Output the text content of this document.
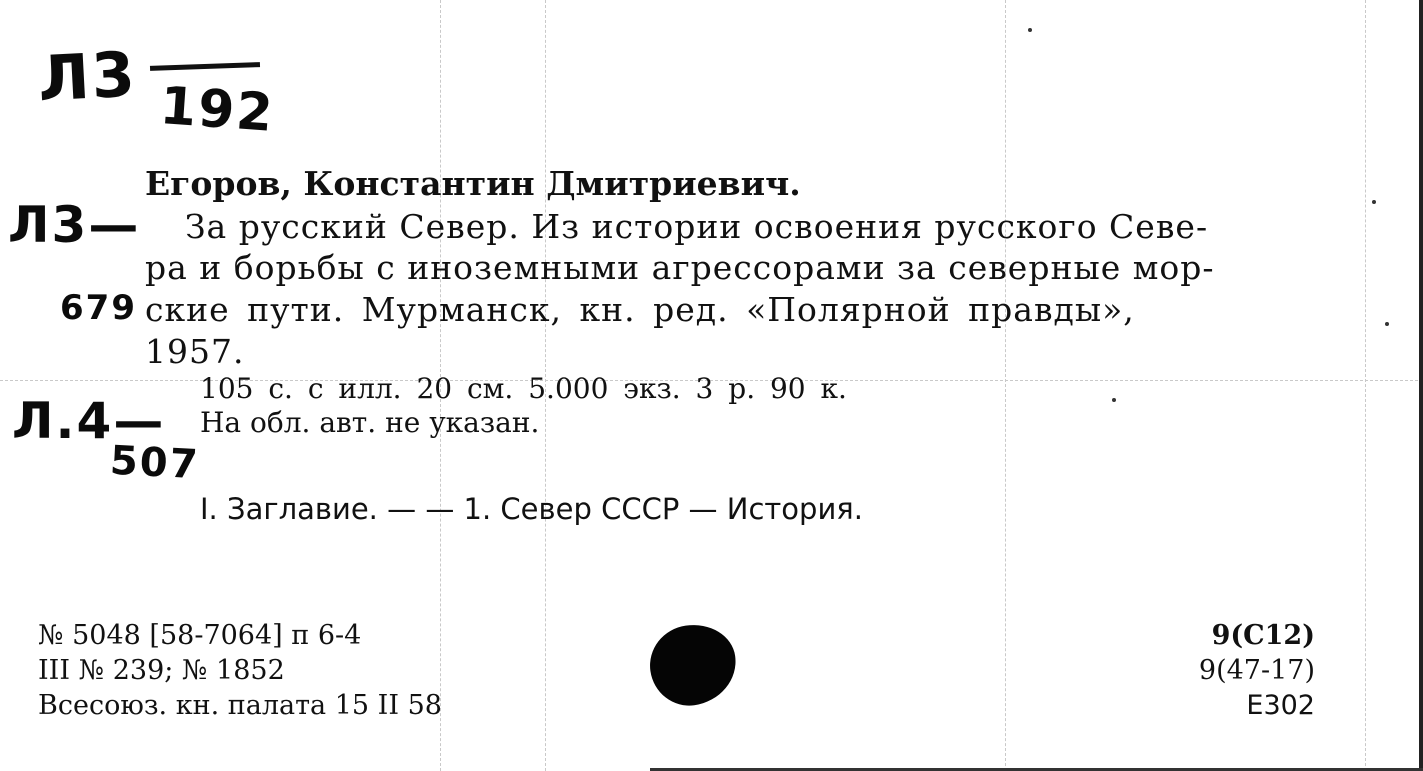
Л3 192
Л3—
679
Л.4—
507
Егоров, Константин Дмитриевич.
За русский Север. Из истории освоения русского Севе-
ра и борьбы с иноземными агрессорами за северные мор-
ские пути. Мурманск, кн. ред. «Полярной правды»,
1957.
105 с. с илл. 20 см. 5.000 экз. 3 р. 90 к.
На обл. авт. не указан.
I. Заглавие. — — 1. Север СССР — История.
№ 5048 [58-7064] п 6-4
III № 239; № 1852
Всесоюз. кн. палата 15 II 58
9(С12)
9(47-17)
Е302
